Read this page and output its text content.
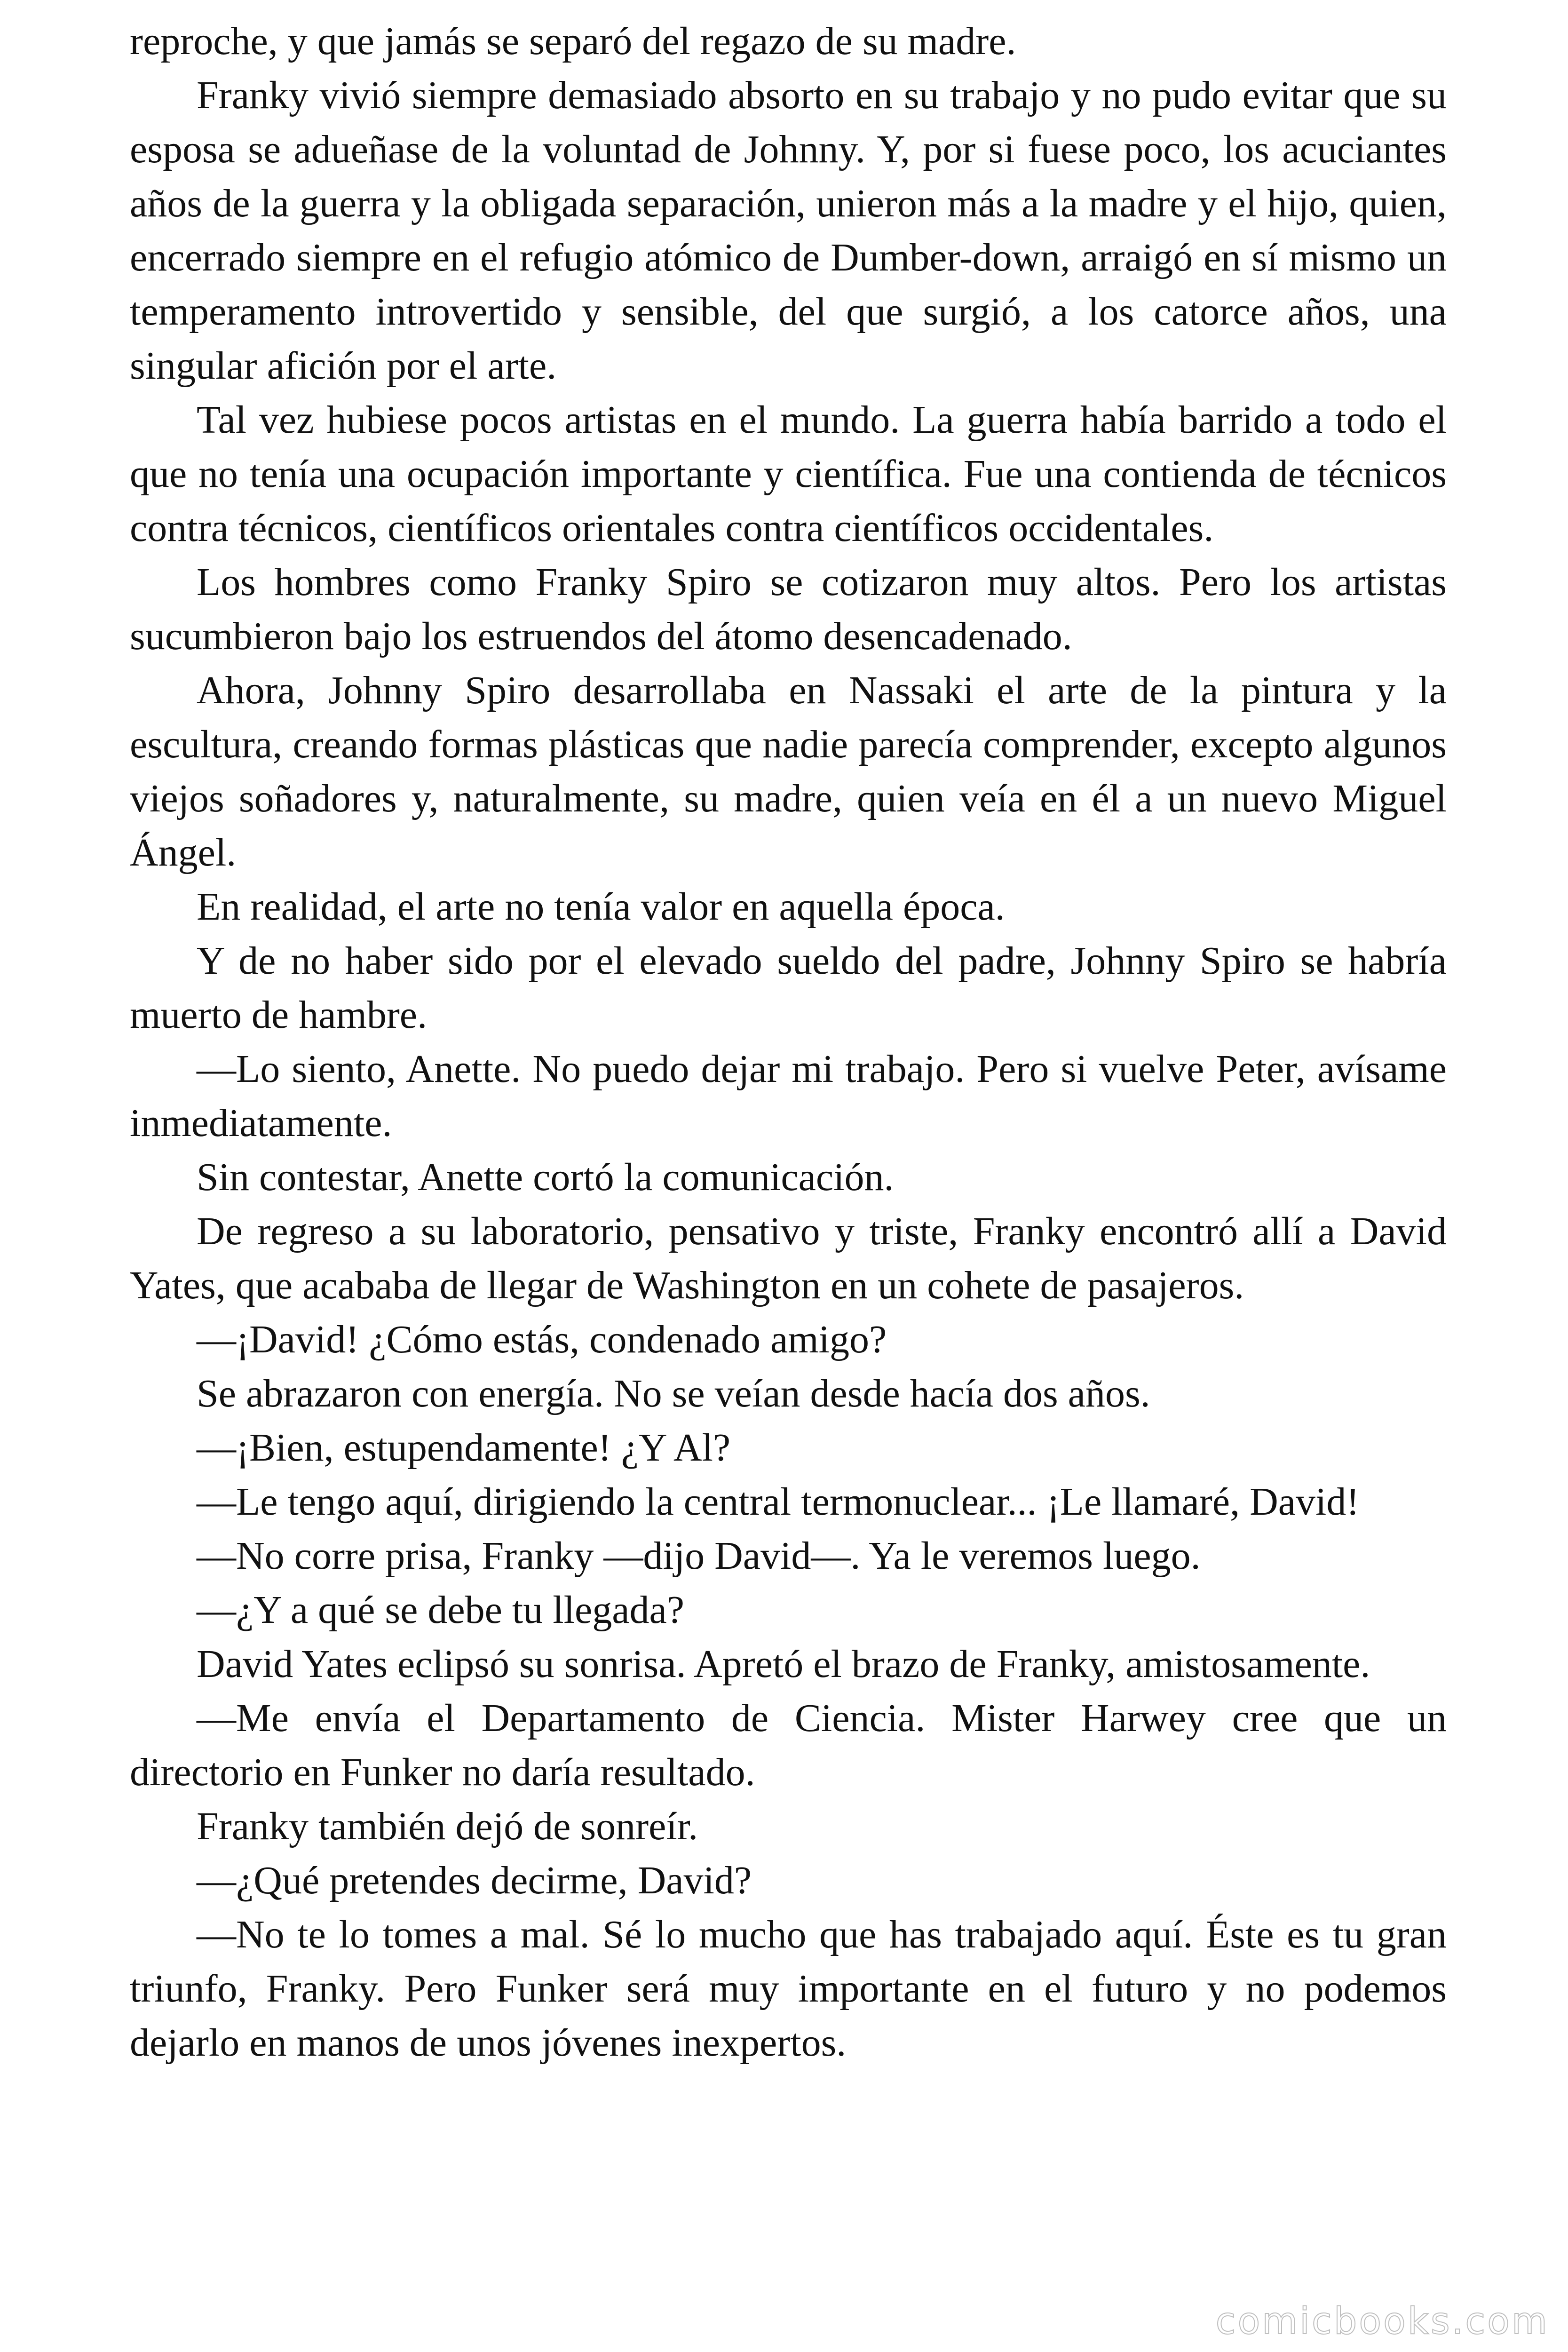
reproche, y que jamás se separó del regazo de su madre.

Franky vivió siempre demasiado absorto en su trabajo y no pudo evitar que su esposa se adueñase de la voluntad de Johnny. Y, por si fuese poco, los acuciantes años de la guerra y la obligada separación, unieron más a la madre y el hijo, quien, encerrado siempre en el refugio atómico de Dumber-down, arraigó en sí mismo un temperamento introvertido y sensible, del que surgió, a los catorce años, una singular afición por el arte.

Tal vez hubiese pocos artistas en el mundo. La guerra había barrido a todo el que no tenía una ocupación importante y científica. Fue una contienda de técnicos contra técnicos, científicos orientales contra científicos occidentales.

Los hombres como Franky Spiro se cotizaron muy altos. Pero los artistas sucumbieron bajo los estruendos del átomo desencadenado.

Ahora, Johnny Spiro desarrollaba en Nassaki el arte de la pintura y la escultura, creando formas plásticas que nadie parecía comprender, excepto algunos viejos soñadores y, naturalmente, su madre, quien veía en él a un nuevo Miguel Ángel.

En realidad, el arte no tenía valor en aquella época.

Y de no haber sido por el elevado sueldo del padre, Johnny Spiro se habría muerto de hambre.

—Lo siento, Anette. No puedo dejar mi trabajo. Pero si vuelve Peter, avísame inmediatamente.

Sin contestar, Anette cortó la comunicación.

De regreso a su laboratorio, pensativo y triste, Franky encontró allí a David Yates, que acababa de llegar de Washington en un cohete de pasajeros.

—¡David! ¿Cómo estás, condenado amigo?

Se abrazaron con energía. No se veían desde hacía dos años.

—¡Bien, estupendamente! ¿Y Al?

—Le tengo aquí, dirigiendo la central termonuclear... ¡Le llamaré, David!

—No corre prisa, Franky —dijo David—. Ya le veremos luego.

—¿Y a qué se debe tu llegada?

David Yates eclipsó su sonrisa. Apretó el brazo de Franky, amistosamente.

—Me envía el Departamento de Ciencia. Mister Harwey cree que un directorio en Funker no daría resultado.

Franky también dejó de sonreír.

—¿Qué pretendes decirme, David?

—No te lo tomes a mal. Sé lo mucho que has trabajado aquí. Éste es tu gran triunfo, Franky. Pero Funker será muy importante en el futuro y no podemos dejarlo en manos de unos jóvenes inexpertos.

comicbooks.com
